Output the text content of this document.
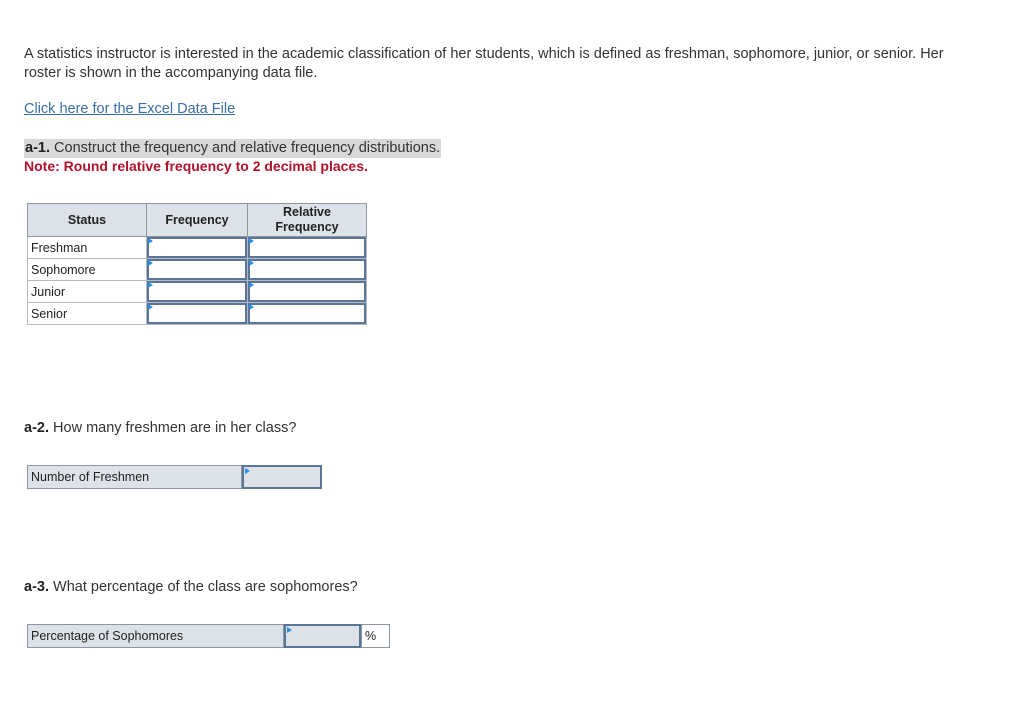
A statistics instructor is interested in the academic classification of her students, which is defined as freshman, sophomore, junior, or senior. Her roster is shown in the accompanying data file.
Click here for the Excel Data File
a-1. Construct the frequency and relative frequency distributions.
Note: Round relative frequency to 2 decimal places.
Status	Frequency	Relative
Frequency
Freshman	

Sophomore	

Junior	

Senior	

a-2. How many freshmen are in her class?
Number of Freshmen
a-3. What percentage of the class are sophomores?
Percentage of Sophomores	%
